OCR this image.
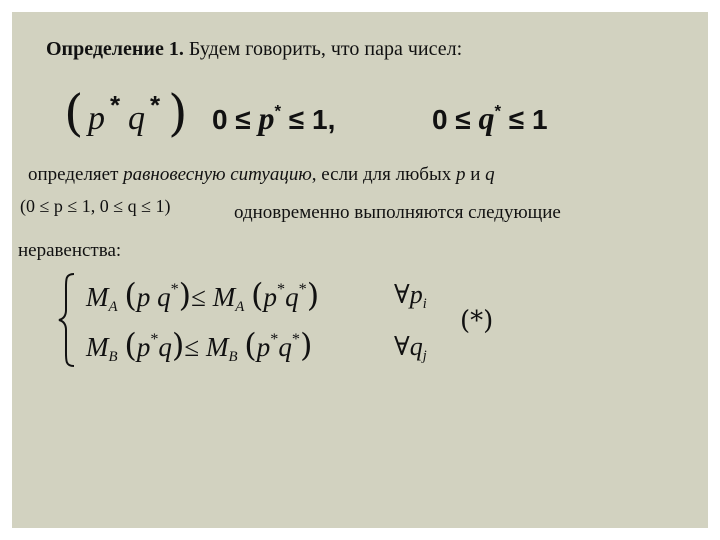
Определение 1. Будем говорить, что пара чисел:
( p * q * ) 0 ≤ p* ≤ 1,	0 ≤ q* ≤ 1
определяет равновесную ситуацию, если для любых p и q
(0 ≤ p ≤ 1, 0 ≤ q ≤ 1)	одновременно выполняются следующие
неравенства:
$M_A$ (p $q^*)\le M_A$ (p*q*)	$\forall p_i$
$M_B$ $(p^*q)\le M_B$ (p*q*)	$\forall q_j$
(*)
